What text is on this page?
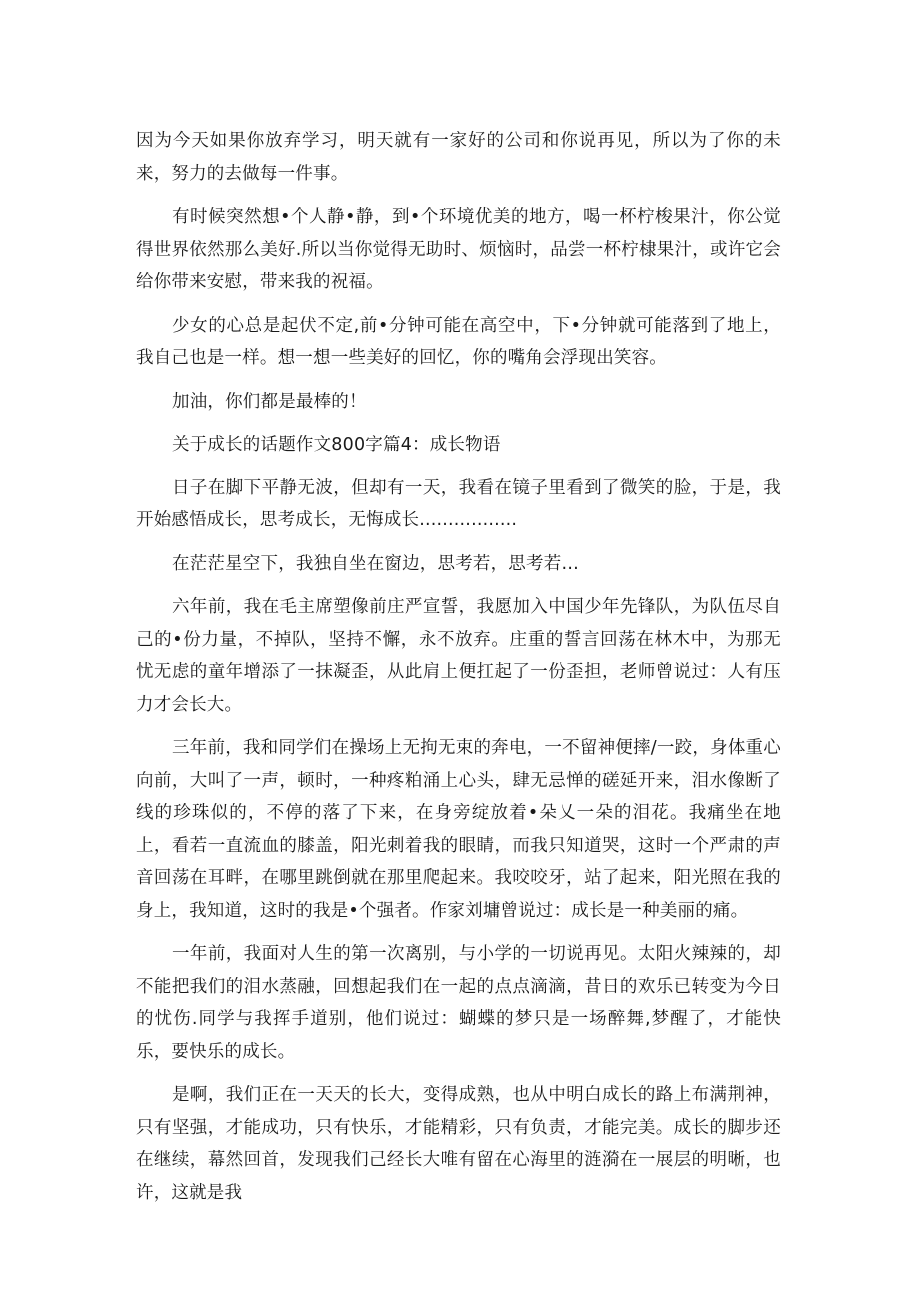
因为今天如果你放弃学习，明天就有一家好的公司和你说再见，所以为了你的未来，努力的去做每一件事。

有时候突然想•个人静•静，到•个环境优美的地方，喝一杯柠梭果汁，你公觉得世界依然那么美好.所以当你觉得无助时、烦恼时，品尝一杯柠棣果汁，或许它会给你带来安慰，带来我的祝福。

少女的心总是起伏不定,前•分钟可能在高空中，下•分钟就可能落到了地上，我自己也是一样。想一想一些美好的回忆，你的嘴角会浮现出笑容。

加油，你们都是最棒的！

关于成长的话题作文800字篇4：成长物语

日子在脚下平静无波，但却有一天，我看在镜子里看到了微笑的脸，于是，我开始感悟成长，思考成长，无悔成长.................

在茫茫星空下，我独自坐在窗边，思考若，思考若…

六年前，我在毛主席塑像前庄严宣誓，我愿加入中国少年先锋队，为队伍尽自己的•份力量，不掉队，坚持不懈，永不放弃。庄重的誓言回荡在林木中，为那无忧无虑的童年增添了一抹凝歪，从此肩上便扛起了一份歪担，老师曾说过：人有压力才会长大。

三年前，我和同学们在操场上无拘无束的奔电，一不留神便摔/一跤，身体重心向前，大叫了一声，顿时，一种疼粕涌上心头，肆无忌惮的磋延开来，泪水像断了线的珍珠似的，不停的落了下来，在身旁绽放着•朵乂一朵的泪花。我痛坐在地上，看若一直流血的膝盖，阳光刺着我的眼睛，而我只知道哭，这时一个严肃的声音回荡在耳畔，在哪里跳倒就在那里爬起来。我咬咬牙，站了起来，阳光照在我的身上，我知道，这时的我是•个强者。作家刘墉曾说过：成长是一种美丽的痛。

一年前，我面对人生的第一次离别，与小学的一切说再见。太阳火辣辣的，却不能把我们的泪水蒸融，回想起我们在一起的点点滴滴，昔日的欢乐已转变为今日的忧伤.同学与我挥手道别，他们说过：蝴蝶的梦只是一场醉舞,梦醒了，才能快乐，要快乐的成长。

是啊，我们正在一天天的长大，变得成熟，也从中明白成长的路上布满荆神，只有坚强，才能成功，只有快乐，才能精彩，只有负责，才能完美。成长的脚步还在继续，幕然回首，发现我们己经长大唯有留在心海里的涟漪在一展层的明晰，也许，这就是我
